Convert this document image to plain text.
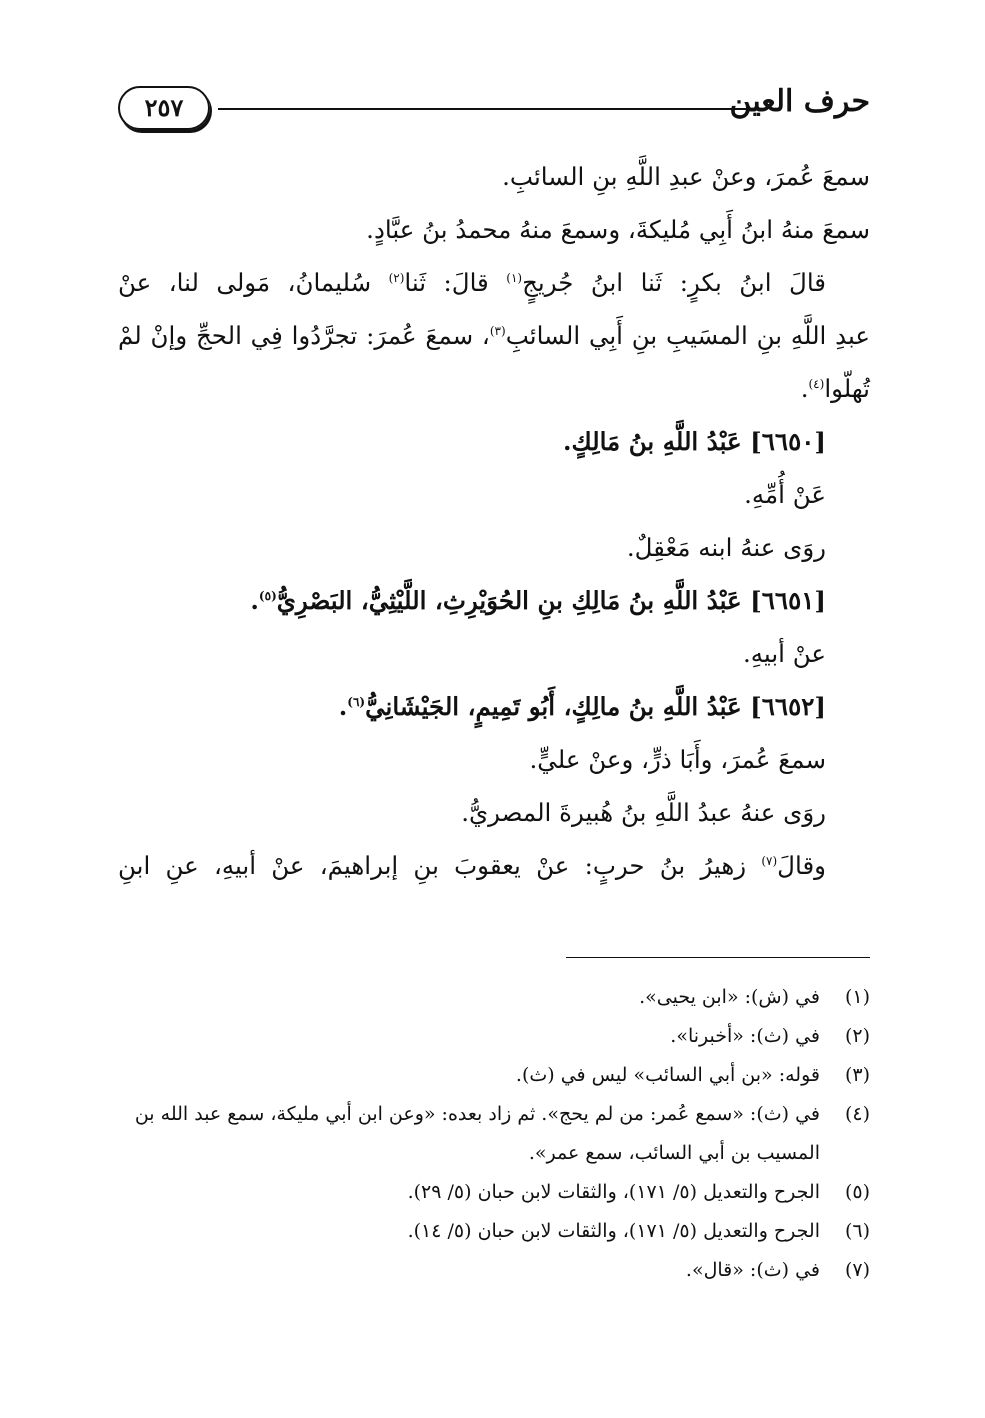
٢٥٧	حرف العين
سمعَ عُمرَ، وعنْ عبدِ اللَّهِ بنِ السائبِ.
سمعَ منهُ ابنُ أَبِي مُليكةَ، وسمعَ منهُ محمدُ بنُ عبَّادٍ.
قالَ ابنُ بكرٍ: ثَنا ابنُ جُريجٍ$^{(١)}$ قالَ: ثَنا$^{(٢)}$ سُليمانُ، مَولى لنا، عنْ
عبدِ اللَّهِ بنِ المسَيبِ بنِ أَبِي السائبِ$^{(٣)}$، سمعَ عُمرَ: تجرَّدُوا فِي الحجِّ وإنْ لمْ
تُهلّوا$^{(٤)}$.
[٦٦٥٠] عَبْدُ اللَّهِ بنُ مَالِكٍ.
عَنْ أُمِّهِ.
روَى عنهُ ابنه مَعْقِلٌ.
[٦٦٥١] عَبْدُ اللَّهِ بنُ مَالِكِ بنِ الحُوَيْرِثِ، اللَّيْثِيُّ، البَصْرِيُّ$^{(٥)}$.
عنْ أبيهِ.
[٦٦٥٢] عَبْدُ اللَّهِ بنُ مالِكٍ، أَبُو تَمِيمٍ، الجَيْشَانِيُّ$^{(٦)}$.
سمعَ عُمرَ، وأَبَا ذرٍّ، وعنْ عليٍّ.
روَى عنهُ عبدُ اللَّهِ بنُ هُبيرةَ المصريُّ.
وقالَ$^{(٧)}$ زهيرُ بنُ حربٍ: عنْ يعقوبَ بنِ إبراهيمَ، عنْ أبيهِ، عنِ ابنِ
(١)
في (ش): «ابن يحيى».
(٢)
في (ث): «أخبرنا».
(٣)
قوله: «بن أبي السائب» ليس في (ث).
(٤)
في (ث): «سمع عُمر: من لم يحج». ثم زاد بعده: «وعن ابن أبي مليكة، سمع عبد الله بن المسيب بن أبي السائب، سمع عمر».
(٥)
الجرح والتعديل (٥/ ١٧١)، والثقات لابن حبان (٥/ ٢٩).
(٦)
الجرح والتعديل (٥/ ١٧١)، والثقات لابن حبان (٥/ ١٤).
(٧)
في (ث): «قال».
